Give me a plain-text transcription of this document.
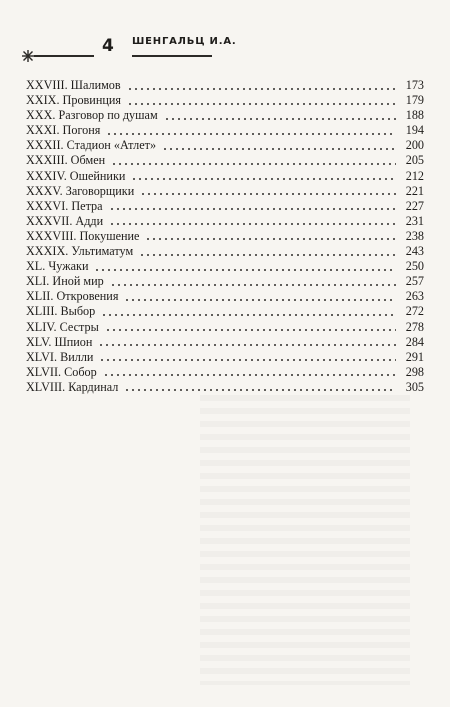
4 ШЕНГАЛЬЦ И.А.
XXVIII. Шалимов	173
XXIX. Провинция	179
XXX. Разговор по душам	188
XXXI. Погоня	194
XXXII. Стадион «Атлет»	200
XXXIII. Обмен	205
XXXIV. Ошейники	212
XXXV. Заговорщики	221
XXXVI. Петра	227
XXXVII. Адди	231
XXXVIII. Покушение	238
XXXIX. Ультиматум	243
XL. Чужаки	250
XLI. Иной мир	257
XLII. Откровения	263
XLIII. Выбор	272
XLIV. Сестры	278
XLV. Шпион	284
XLVI. Вилли	291
XLVII. Собор	298
XLVIII. Кардинал	305
